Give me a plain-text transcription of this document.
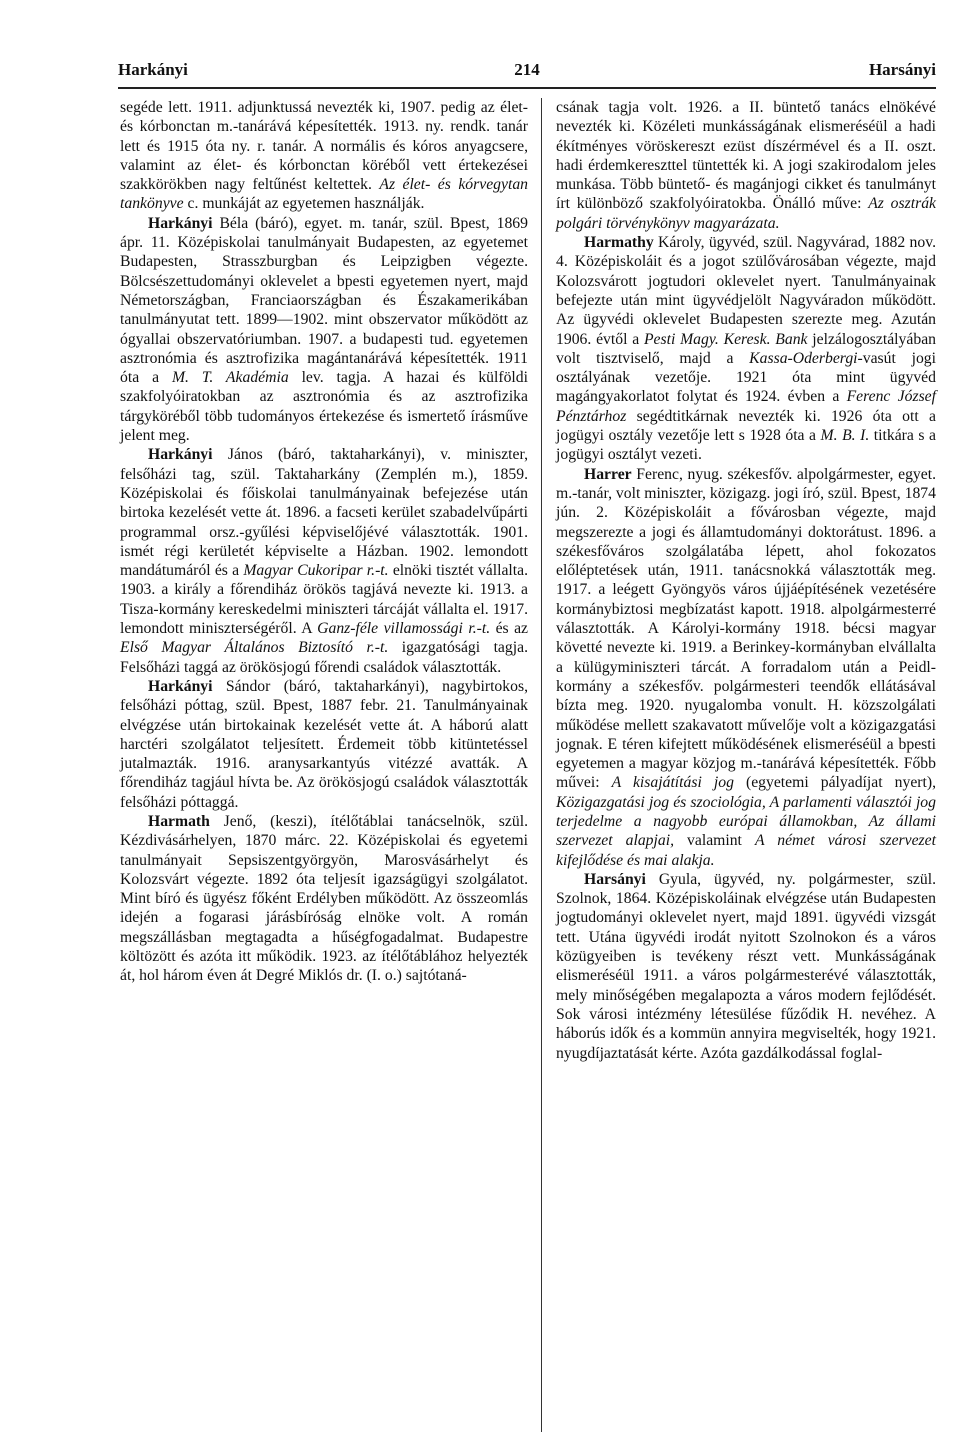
Harkányi	214	Harsányi

segéde lett. 1911. adjunktussá nevezték ki, 1907. pedig az élet- és kórbonctan m.-tanárává képesítették. 1913. ny. rendk. tanár lett és 1915 óta ny. r. tanár. A normális és kóros anyagcsere, valamint az élet- és kórbonctan köréből vett értekezései szakkörökben nagy feltűnést keltettek. Az élet- és kórvegytan tankönyve c. munkáját az egyetemen használják.

Harkányi Béla (báró), egyet. m. tanár, szül. Bpest, 1869 ápr. 11. Középiskolai tanulmányait Budapesten, az egyetemet Budapesten, Strasszburgban és Leipzigben végezte. Bölcsészettudományi oklevelet a bpesti egyetemen nyert, majd Németországban, Franciaországban és Északamerikában tanulmányutat tett. 1899—1902. mint obszervator működött az ógyallai obszervatóriumban. 1907. a budapesti tud. egyetemen asztronómia és asztrofizika magántanárává képesítették. 1911 óta a M. T. Akadémia lev. tagja. A hazai és külföldi szakfolyóiratokban az asztronómia és az asztrofizika tárgyköréből több tudományos értekezése és ismertető írásműve jelent meg.

Harkányi János (báró, taktaharkányi), v. miniszter, felsőházi tag, szül. Taktaharkány (Zemplén m.), 1859. Középiskolai és főiskolai tanulmányainak befejezése után birtoka kezelését vette át. 1896. a facseti kerület szabadelvűpárti programmal orsz.-gyűlési képviselőjévé választották. 1901. ismét régi kerületét képviselte a Házban. 1902. lemondott mandátumáról és a Magyar Cukoripar r.-t. elnöki tisztét vállalta. 1903. a király a főrendiház örökös tagjává nevezte ki. 1913. a Tisza-kormány kereskedelmi miniszteri tárcáját vállalta el. 1917. lemondott miniszterségéről. A Ganz-féle villamossági r.-t. és az Első Magyar Általános Biztosító r.-t. igazgatósági tagja. Felsőházi taggá az örökösjogú főrendi családok választották.

Harkányi Sándor (báró, taktaharkányi), nagybirtokos, felsőházi póttag, szül. Bpest, 1887 febr. 21. Tanulmányainak elvégzése után birtokainak kezelését vette át. A háború alatt harctéri szolgálatot teljesített. Érdemeit több kitüntetéssel jutalmazták. 1916. aranysarkantyús vitézzé avatták. A főrendiház tagjául hívta be. Az örökösjogú családok választották felsőházi póttaggá.

Harmath Jenő, (keszi), ítélőtáblai tanácselnök, szül. Kézdivásárhelyen, 1870 márc. 22. Középiskolai és egyetemi tanulmányait Sepsiszentgyörgyön, Marosvásárhelyt és Kolozsvárt végezte. 1892 óta teljesít igazságügyi szolgálatot. Mint bíró és ügyész főként Erdélyben működött. Az összeomlás idején a fogarasi járásbíróság elnöke volt. A román megszállásban megtagadta a hűségfogadalmat. Budapestre költözött és azóta itt működik. 1923. az ítélőtáblához helyezték át, hol három éven át Degré Miklós dr. (I. o.) sajtótaná-

csának tagja volt. 1926. a II. büntető tanács elnökévé nevezték ki. Közéleti munkásságának elismeréséül a hadi ékítményes vöröskereszt ezüst díszérmével és a II. oszt. hadi érdemkereszttel tüntették ki. A jogi szakirodalom jeles munkása. Több büntető- és magánjogi cikket és tanulmányt írt különböző szakfolyóiratokba. Önálló műve: Az osztrák polgári törvénykönyv magyarázata.

Harmathy Károly, ügyvéd, szül. Nagyvárad, 1882 nov. 4. Középiskoláit és a jogot szülővárosában végezte, majd Kolozsvárott jogtudori oklevelet nyert. Tanulmányainak befejezte után mint ügyvédjelölt Nagyváradon működött. Az ügyvédi oklevelet Budapesten szerezte meg. Azután 1906. évtől a Pesti Magy. Keresk. Bank jelzálogosztályában volt tisztviselő, majd a Kassa-Oderbergi-vasút jogi osztályának vezetője. 1921 óta mint ügyvéd magángyakorlatot folytat és 1924. évben a Ferenc József Pénztárhoz segédtitkárnak nevezték ki. 1926 óta ott a jogügyi osztály vezetője lett s 1928 óta a M. B. I. titkára s a jogügyi osztályt vezeti.

Harrer Ferenc, nyug. székesfőv. alpolgármester, egyet. m.-tanár, volt miniszter, közigazg. jogi író, szül. Bpest, 1874 jún. 2. Középiskoláit a fővárosban végezte, majd megszerezte a jogi és államtudományi doktorátust. 1896. a székesfőváros szolgálatába lépett, ahol fokozatos előléptetések után, 1911. tanácsnokká választották meg. 1917. a leégett Gyöngyös város újjáépítésének vezetésére kormánybiztosi megbízatást kapott. 1918. alpolgármesterré választották. A Károlyi-kormány 1918. bécsi magyar követté nevezte ki. 1919. a Berinkey-kormányban elvállalta a külügyminiszteri tárcát. A forradalom után a Peidl-kormány a székesfőv. polgármesteri teendők ellátásával bízta meg. 1920. nyugalomba vonult. H. közszolgálati működése mellett szakavatott művelője volt a közigazgatási jognak. E téren kifejtett működésének elismeréséül a bpesti egyetemen a magyar közjog m.-tanárává képesítették. Főbb művei: A kisajátítási jog (egyetemi pályadíjat nyert), Közigazgatási jog és szociológia, A parlamenti választói jog terjedelme a nagyobb európai államokban, Az állami szervezet alapjai, valamint A német városi szervezet kifejlődése és mai alakja.

Harsányi Gyula, ügyvéd, ny. polgármester, szül. Szolnok, 1864. Középiskoláinak elvégzése után Budapesten jogtudományi oklevelet nyert, majd 1891. ügyvédi vizsgát tett. Utána ügyvédi irodát nyitott Szolnokon és a város közügyeiben is tevékeny részt vett. Munkásságának elismeréséül 1911. a város polgármesterévé választották, mely minőségében megalapozta a város modern fejlődését. Sok városi intézmény létesülése fűződik H. nevéhez. A háborús idők és a kommün annyira megviselték, hogy 1921. nyugdíjaztatását kérte. Azóta gazdálkodással foglal-
